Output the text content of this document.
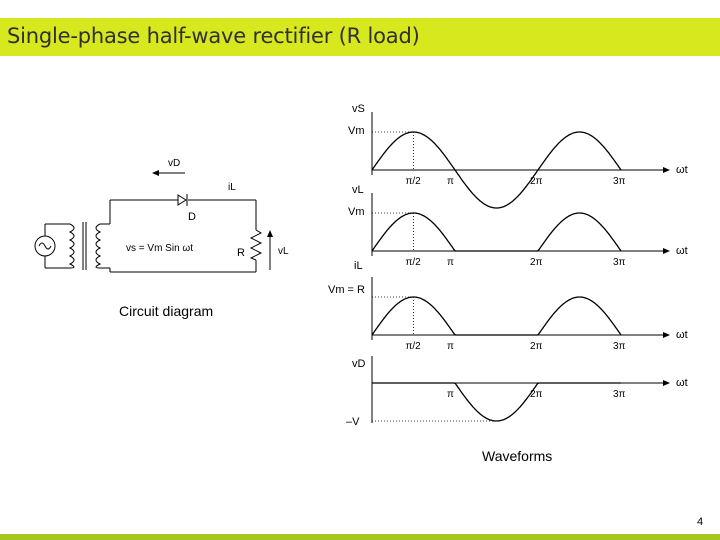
Single-phase half-wave rectifier (R load)
vD
iL
D
vs = Vm Sin ωt	R	vL
Circuit diagram
ωt
vS
Vm
π/2	π	2π	3π
ωt
vL
Vm
π/2	π	2π	3π
ωt
iL
Vm = R
π/2	π	2π	3π
ωt
vD
–V
π	2π	3π
Waveforms
4
